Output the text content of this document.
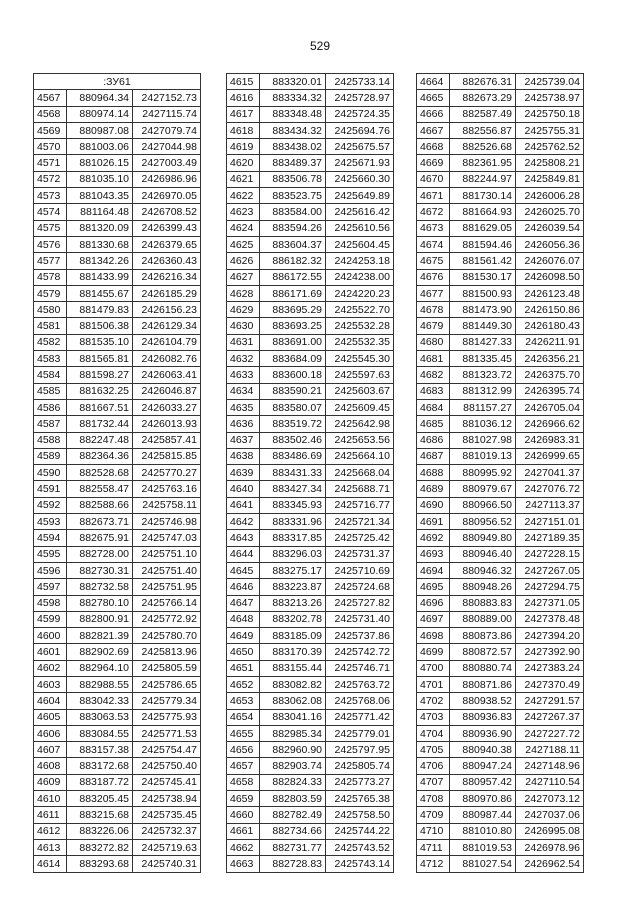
529
:ЗУ61		
4567	880964.34	2427152.73
4568	880974.14	2427115.74
4569	880987.08	2427079.74
4570	881003.06	2427044.98
4571	881026.15	2427003.49
4572	881035.10	2426986.96
4573	881043.35	2426970.05
4574	881164.48	2426708.52
4575	881320.09	2426399.43
4576	881330.68	2426379.65
4577	881342.26	2426360.43
4578	881433.99	2426216.34
4579	881455.67	2426185.29
4580	881479.83	2426156.23
4581	881506.38	2426129.34
4582	881535.10	2426104.79
4583	881565.81	2426082.76
4584	881598.27	2426063.41
4585	881632.25	2426046.87
4586	881667.51	2426033.27
4587	881732.44	2426013.93
4588	882247.48	2425857.41
4589	882364.36	2425815.85
4590	882528.68	2425770.27
4591	882558.47	2425763.16
4592	882588.66	2425758.11
4593	882673.71	2425746.98
4594	882675.91	2425747.03
4595	882728.00	2425751.10
4596	882730.31	2425751.40
4597	882732.58	2425751.95
4598	882780.10	2425766.14
4599	882800.91	2425772.92
4600	882821.39	2425780.70
4601	882902.69	2425813.96
4602	882964.10	2425805.59
4603	882988.55	2425786.65
4604	883042.33	2425779.34
4605	883063.53	2425775.93
4606	883084.55	2425771.53
4607	883157.38	2425754.47
4608	883172.68	2425750.40
4609	883187.72	2425745.41
4610	883205.45	2425738.94
4611	883215.68	2425735.45
4612	883226.06	2425732.37
4613	883272.82	2425719.63
4614	883293.68	2425740.31
4615	883320.01	2425733.14
4616	883334.32	2425728.97
4617	883348.48	2425724.35
4618	883434.32	2425694.76
4619	883438.02	2425675.57
4620	883489.37	2425671.93
4621	883506.78	2425660.30
4622	883523.75	2425649.89
4623	883584.00	2425616.42
4624	883594.26	2425610.56
4625	883604.37	2425604.45
4626	886182.32	2424253.18
4627	886172.55	2424238.00
4628	886171.69	2424220.23
4629	883695.29	2425522.70
4630	883693.25	2425532.28
4631	883691.00	2425532.35
4632	883684.09	2425545.30
4633	883600.18	2425597.63
4634	883590.21	2425603.67
4635	883580.07	2425609.45
4636	883519.72	2425642.98
4637	883502.46	2425653.56
4638	883486.69	2425664.10
4639	883431.33	2425668.04
4640	883427.34	2425688.71
4641	883345.93	2425716.77
4642	883331.96	2425721.34
4643	883317.85	2425725.42
4644	883296.03	2425731.37
4645	883275.17	2425710.69
4646	883223.87	2425724.68
4647	883213.26	2425727.82
4648	883202.78	2425731.40
4649	883185.09	2425737.86
4650	883170.39	2425742.72
4651	883155.44	2425746.71
4652	883082.82	2425763.72
4653	883062.08	2425768.06
4654	883041.16	2425771.42
4655	882985.34	2425779.01
4656	882960.90	2425797.95
4657	882903.74	2425805.74
4658	882824.33	2425773.27
4659	882803.59	2425765.38
4660	882782.49	2425758.50
4661	882734.66	2425744.22
4662	882731.77	2425743.52
4663	882728.83	2425743.14
4664	882676.31	2425739.04
4665	882673.29	2425738.97
4666	882587.49	2425750.18
4667	882556.87	2425755.31
4668	882526.68	2425762.52
4669	882361.95	2425808.21
4670	882244.97	2425849.81
4671	881730.14	2426006.28
4672	881664.93	2426025.70
4673	881629.05	2426039.54
4674	881594.46	2426056.36
4675	881561.42	2426076.07
4676	881530.17	2426098.50
4677	881500.93	2426123.48
4678	881473.90	2426150.86
4679	881449.30	2426180.43
4680	881427.33	2426211.91
4681	881335.45	2426356.21
4682	881323.72	2426375.70
4683	881312.99	2426395.74
4684	881157.27	2426705.04
4685	881036.12	2426966.62
4686	881027.98	2426983.31
4687	881019.13	2426999.65
4688	880995.92	2427041.37
4689	880979.67	2427076.72
4690	880966.50	2427113.37
4691	880956.52	2427151.01
4692	880949.80	2427189.35
4693	880946.40	2427228.15
4694	880946.32	2427267.05
4695	880948.26	2427294.75
4696	880883.83	2427371.05
4697	880889.00	2427378.48
4698	880873.86	2427394.20
4699	880872.57	2427392.90
4700	880880.74	2427383.24
4701	880871.86	2427370.49
4702	880938.52	2427291.57
4703	880936.83	2427267.37
4704	880936.90	2427227.72
4705	880940.38	2427188.11
4706	880947.24	2427148.96
4707	880957.42	2427110.54
4708	880970.86	2427073.12
4709	880987.44	2427037.06
4710	881010.80	2426995.08
4711	881019.53	2426978.96
4712	881027.54	2426962.54
